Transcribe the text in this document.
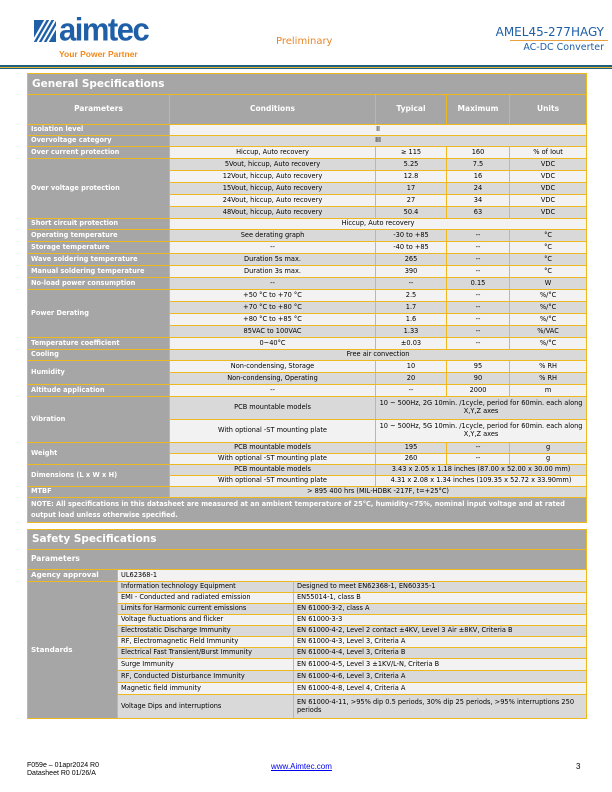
aimtec
Your Power Partner
Preliminary
AMEL45-277HAGY
AC-DC Converter
General Specifications				
Parameters	Conditions	Typical	Maximum	Units
Isolation level	II			
Overvoltage category	III			
Over current protection	Hiccup, Auto recovery	≥ 115	160	% of Iout
Over voltage protection	5Vout, hiccup, Auto recovery	5.25	7.5	VDC
	12Vout, hiccup, Auto recovery	12.8	16	VDC
	15Vout, hiccup, Auto recovery	17	24	VDC
	24Vout, hiccup, Auto recovery	27	34	VDC
	48Vout, hiccup, Auto recovery	50.4	63	VDC
Short circuit protection	Hiccup, Auto recovery			
Operating temperature	See derating graph	-30 to +85	--	°C
Storage temperature	--	-40 to +85	--	°C
Wave soldering temperature	Duration 5s max.	265	--	°C
Manual soldering temperature	Duration 3s max.	390	--	°C
No-load power consumption	--	--	0.15	W
Power Derating	+50 °C to +70 °C	2.5	--	%/°C
	+70 °C to +80 °C	1.7	--	%/°C
	+80 °C to +85 °C	1.6	--	%/°C
	85VAC to 100VAC	1.33	--	%/VAC
Temperature coefficient	0~40°C	±0.03	--	%/°C
Cooling	Free air convection			
Humidity	Non-condensing, Storage	10	95	% RH
	Non-condensing, Operating	20	90	% RH
Altitude application	--	--	2000	m
Vibration	PCB mountable models	10 ~ 500Hz, 2G 10min. /1cycle, period for 60min. each along X,Y,Z axes		
	With optional -ST mounting plate	10 ~ 500Hz, 5G 10min. /1cycle, period for 60min. each along X,Y,Z axes		
Weight	PCB mountable models	195	--	g
	With optional -ST mounting plate	260	--	g
Dimensions (L x W x H)	PCB mountable models	3.43 x 2.05 x 1.18 inches (87.00 x 52.00 x 30.00 mm)		
	With optional -ST mounting plate	4.31 x 2.08 x 1.34 inches (109.35 x 52.72 x 33.90mm)		
MTBF	> 895 400 hrs (MIL-HDBK -217F, t=+25°C)			
NOTE: All specifications in this datasheet are measured at an ambient temperature of 25°C, humidity<75%, nominal input voltage and at rated output load unless otherwise specified.				
Safety Specifications		
Parameters		
Agency approval	UL62368-1	
Standards	Information technology Equipment	Designed to meet EN62368-1, EN60335-1
	EMI - Conducted and radiated emission	EN55014-1, class B
	Limits for Harmonic current emissions	EN 61000-3-2, class A
	Voltage fluctuations and flicker	EN 61000-3-3
	Electrostatic Discharge Immunity	EN 61000-4-2, Level 2 contact ±4KV, Level 3 Air ±8KV, Criteria B
	RF, Electromagnetic Field Immunity	EN 61000-4-3, Level 3, Criteria A
	Electrical Fast Transient/Burst Immunity	EN 61000-4-4, Level 3, Criteria B
	Surge Immunity	EN 61000-4-5, Level 3 ±1KV/L-N, Criteria B
	RF, Conducted Disturbance Immunity	EN 61000-4-6, Level 3, Criteria A
	Magnetic field immunity	EN 61000-4-8, Level 4, Criteria A
	Voltage Dips and interruptions	EN 61000-4-11, >95% dip 0.5 periods, 30% dip 25 periods, >95% interruptions 250 periods
F059e – 01apr2024 R0
Datasheet R0 01/26/A
www.Aimtec.com	3
